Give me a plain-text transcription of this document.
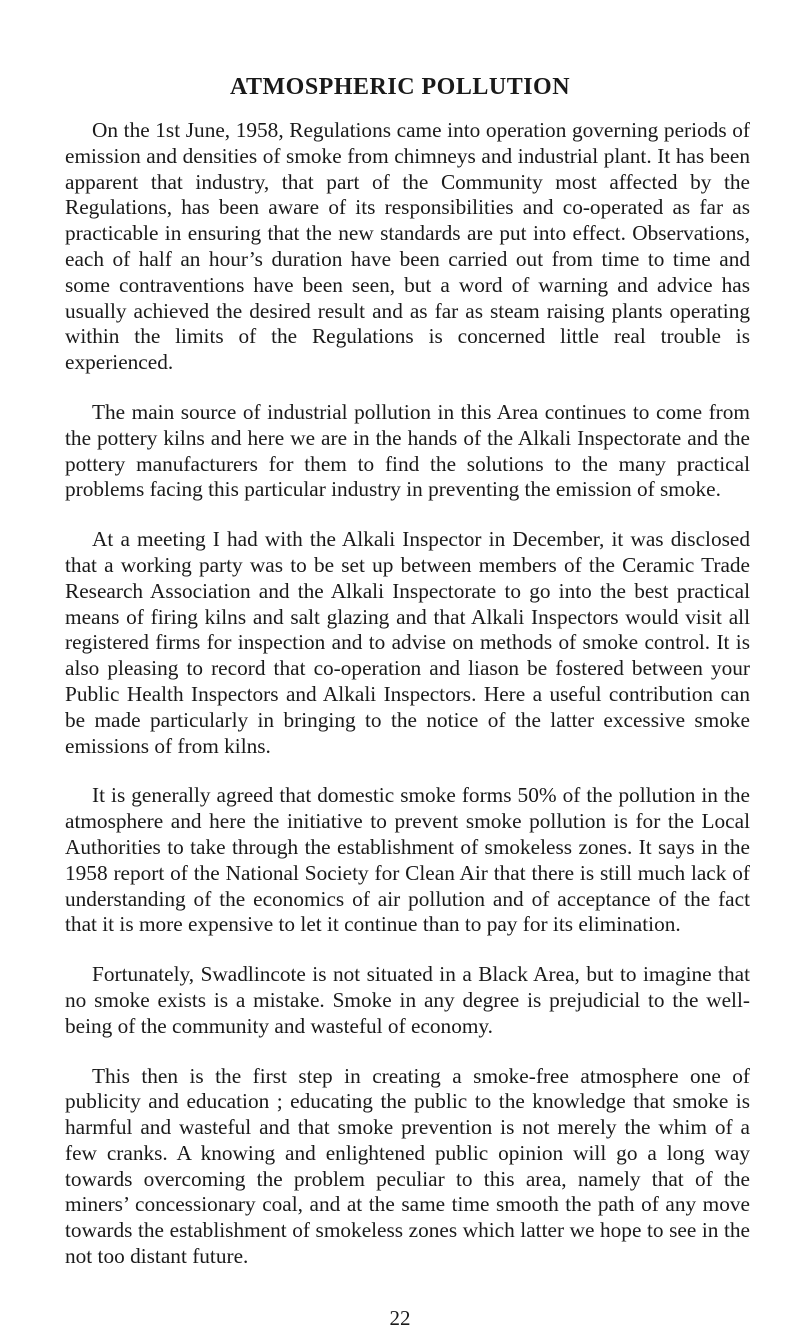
ATMOSPHERIC POLLUTION

On the 1st June, 1958, Regulations came into operation governing periods of emission and densities of smoke from chimneys and industrial plant. It has been apparent that industry, that part of the Community most affected by the Regulations, has been aware of its responsibilities and co-operated as far as practicable in ensuring that the new standards are put into effect. Observations, each of half an hour’s duration have been carried out from time to time and some contraventions have been seen, but a word of warning and advice has usually achieved the desired result and as far as steam raising plants operating within the limits of the Regulations is concerned little real trouble is experienced.

The main source of industrial pollution in this Area continues to come from the pottery kilns and here we are in the hands of the Alkali Inspectorate and the pottery manufacturers for them to find the solutions to the many practical problems facing this particular industry in preventing the emission of smoke.

At a meeting I had with the Alkali Inspector in December, it was disclosed that a working party was to be set up between members of the Ceramic Trade Research Association and the Alkali Inspectorate to go into the best practical means of firing kilns and salt glazing and that Alkali Inspectors would visit all registered firms for inspection and to advise on methods of smoke control. It is also pleasing to record that co-operation and liason be fostered between your Public Health Inspectors and Alkali Inspectors. Here a useful contribution can be made particularly in bringing to the notice of the latter excessive smoke emissions of from kilns.

It is generally agreed that domestic smoke forms 50% of the pollution in the atmosphere and here the initiative to prevent smoke pollution is for the Local Authorities to take through the establishment of smokeless zones. It says in the 1958 report of the National Society for Clean Air that there is still much lack of understanding of the economics of air pollution and of acceptance of the fact that it is more expensive to let it continue than to pay for its elimination.

Fortunately, Swadlincote is not situated in a Black Area, but to imagine that no smoke exists is a mistake. Smoke in any degree is prejudicial to the well-being of the community and wasteful of economy.

This then is the first step in creating a smoke-free atmosphere one of publicity and education ; educating the public to the knowledge that smoke is harmful and wasteful and that smoke prevention is not merely the whim of a few cranks. A knowing and enlightened public opinion will go a long way towards overcoming the problem peculiar to this area, namely that of the miners’ concessionary coal, and at the same time smooth the path of any move towards the establishment of smokeless zones which latter we hope to see in the not too distant future.

22
